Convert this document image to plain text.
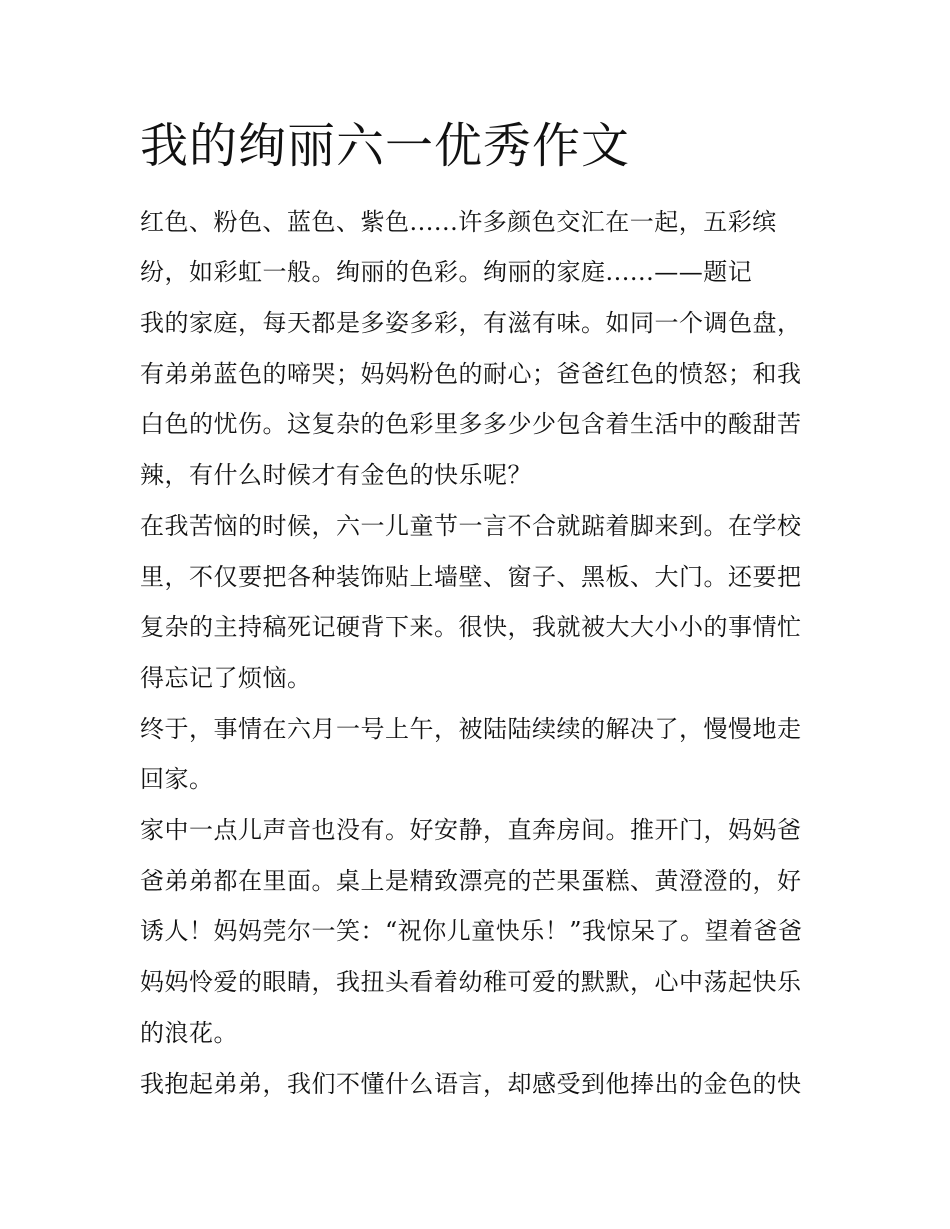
我的绚丽六一优秀作文

红色、粉色、蓝色、紫色......许多颜色交汇在一起，五彩缤

纷，如彩虹一般。绚丽的色彩。绚丽的家庭......——题记

我的家庭，每天都是多姿多彩，有滋有味。如同一个调色盘，

有弟弟蓝色的啼哭；妈妈粉色的耐心；爸爸红色的愤怒；和我

白色的忧伤。这复杂的色彩里多多少少包含着生活中的酸甜苦

辣，有什么时候才有金色的快乐呢？

在我苦恼的时候，六一儿童节一言不合就踮着脚来到。在学校

里，不仅要把各种装饰贴上墙壁、窗子、黑板、大门。还要把

复杂的主持稿死记硬背下来。很快，我就被大大小小的事情忙

得忘记了烦恼。

终于，事情在六月一号上午，被陆陆续续的解决了，慢慢地走

回家。

家中一点儿声音也没有。好安静，直奔房间。推开门，妈妈爸

爸弟弟都在里面。桌上是精致漂亮的芒果蛋糕、黄澄澄的，好

诱人！妈妈莞尔一笑：“祝你儿童快乐！”我惊呆了。望着爸爸

妈妈怜爱的眼睛，我扭头看着幼稚可爱的默默，心中荡起快乐

的浪花。

我抱起弟弟，我们不懂什么语言，却感受到他捧出的金色的快
